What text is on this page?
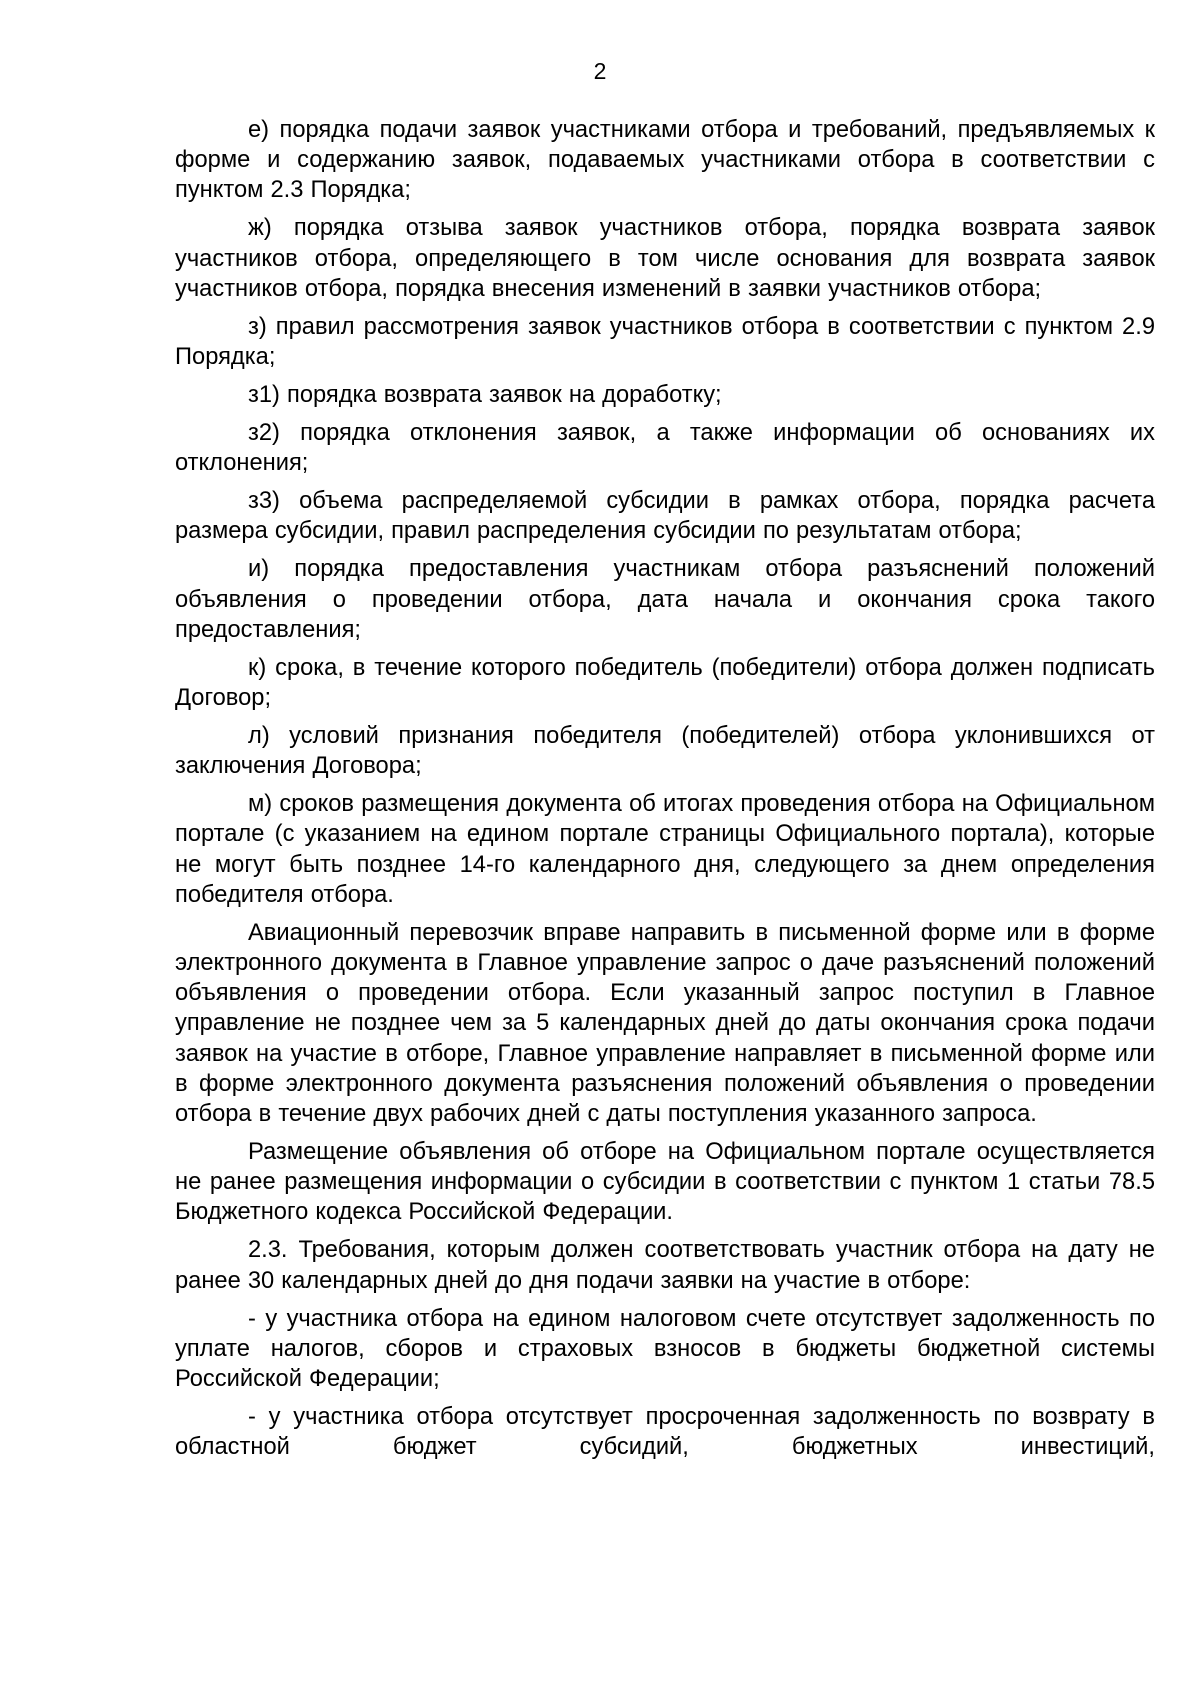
2

е) порядка подачи заявок участниками отбора и требований, предъявляемых к форме и содержанию заявок, подаваемых участниками отбора в соответствии с пунктом 2.3 Порядка;

ж) порядка отзыва заявок участников отбора, порядка возврата заявок участников отбора, определяющего в том числе основания для возврата заявок участников отбора, порядка внесения изменений в заявки участников отбора;

з) правил рассмотрения заявок участников отбора в соответствии с пунктом 2.9 Порядка;

з1) порядка возврата заявок на доработку;

з2) порядка отклонения заявок, а также информации об основаниях их отклонения;

з3) объема распределяемой субсидии в рамках отбора, порядка расчета размера субсидии, правил распределения субсидии по результатам отбора;

и) порядка предоставления участникам отбора разъяснений положений объявления о проведении отбора, дата начала и окончания срока такого предоставления;

к) срока, в течение которого победитель (победители) отбора должен подписать Договор;

л) условий признания победителя (победителей) отбора уклонившихся от заключения Договора;

м) сроков размещения документа об итогах проведения отбора на Официальном портале (с указанием на едином портале страницы Официального портала), которые не могут быть позднее 14-го календарного дня, следующего за днем определения победителя отбора.

Авиационный перевозчик вправе направить в письменной форме или в форме электронного документа в Главное управление запрос о даче разъяснений положений объявления о проведении отбора. Если указанный запрос поступил в Главное управление не позднее чем за 5 календарных дней до даты окончания срока подачи заявок на участие в отборе, Главное управление направляет в письменной форме или в форме электронного документа разъяснения положений объявления о проведении отбора в течение двух рабочих дней с даты поступления указанного запроса.

Размещение объявления об отборе на Официальном портале осуществляется не ранее размещения информации о субсидии в соответствии с пунктом 1 статьи 78.5 Бюджетного кодекса Российской Федерации.

2.3. Требования, которым должен соответствовать участник отбора на дату не ранее 30 календарных дней до дня подачи заявки на участие в отборе:

- у участника отбора на едином налоговом счете отсутствует задолженность по уплате налогов, сборов и страховых взносов в бюджеты бюджетной системы Российской Федерации;

- у участника отбора отсутствует просроченная задолженность по возврату в областной бюджет субсидий, бюджетных инвестиций,
